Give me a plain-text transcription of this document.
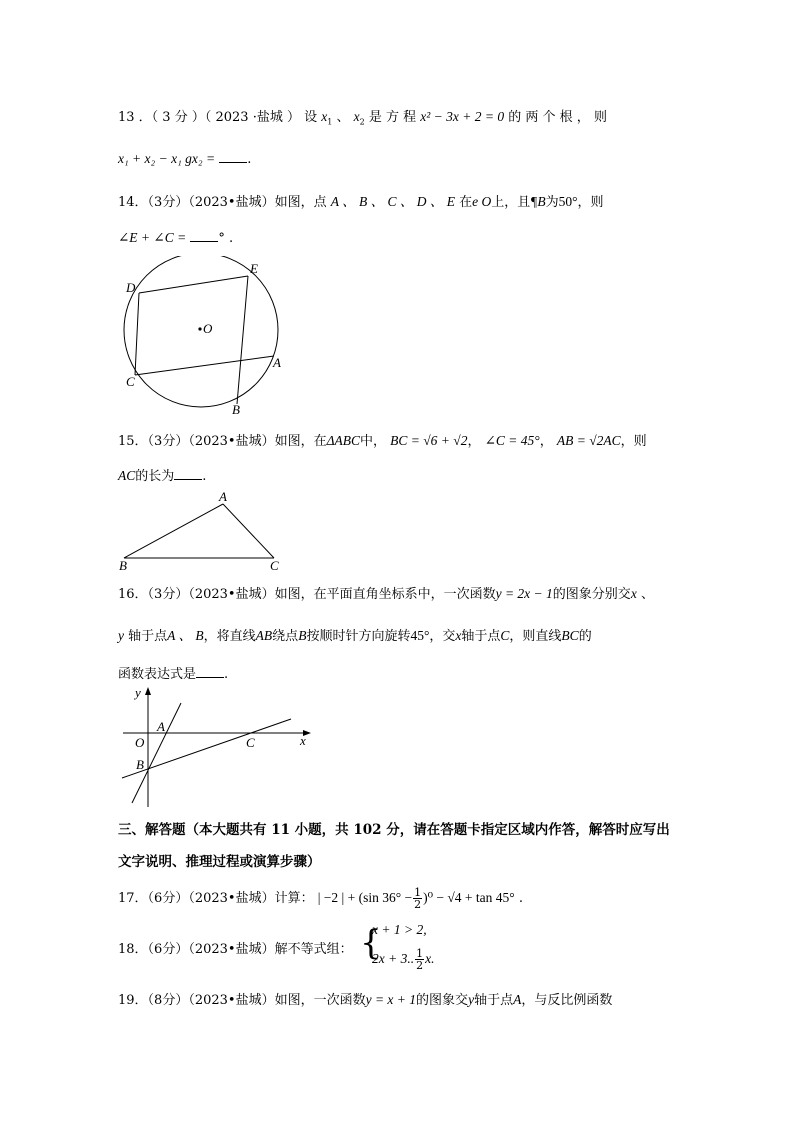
13 ．（ 3 分 ）（ 2023 ·盐城 ） 设 $x_1$ 、 $x_2$ 是 方 程 x² − 3x + 2 = 0 的 两 个 根 ， 则
x₁ + x₂ − x₁ gx₂ = .
14．（3分）（2023•盐城）如图，点 A 、 B 、 C 、 D 、 E 在e O上，且¶B为50°，则
∠E + ∠C = ° .
D
E
O
A
C
B
15．（3分）（2023•盐城）如图，在ΔABC中， BC = √6 + √2， ∠C = 45°， AB = √2AC，则
AC的长为 .
A
B	C
16．（3分）（2023•盐城）如图，在平面直角坐标系中，一次函数y = 2x − 1的图象分别交x 、
y 轴于点A 、 B，将直线AB绕点B按顺时针方向旋转45°，交x轴于点C，则直线BC的
函数表达式是 .
y
x
A
O	C
B
三、解答题（本大题共有 11 小题，共 102 分，请在答题卡指定区域内作答，解答时应写出
文字说明、推理过程或演算步骤）
17．（6分）（2023•盐城）计算： | −2 | + (sin $36^\circ - \frac{1}{2} )^0 - √4 + \tan 45^\circ$ .
18．（6分）（2023•盐城）解不等式组： {
x + 1 > 2,
2x + 3.. $\frac{1}{2} x$.
19．（8分）（2023•盐城）如图，一次函数y = x + 1的图象交y轴于点A，与反比例函数
